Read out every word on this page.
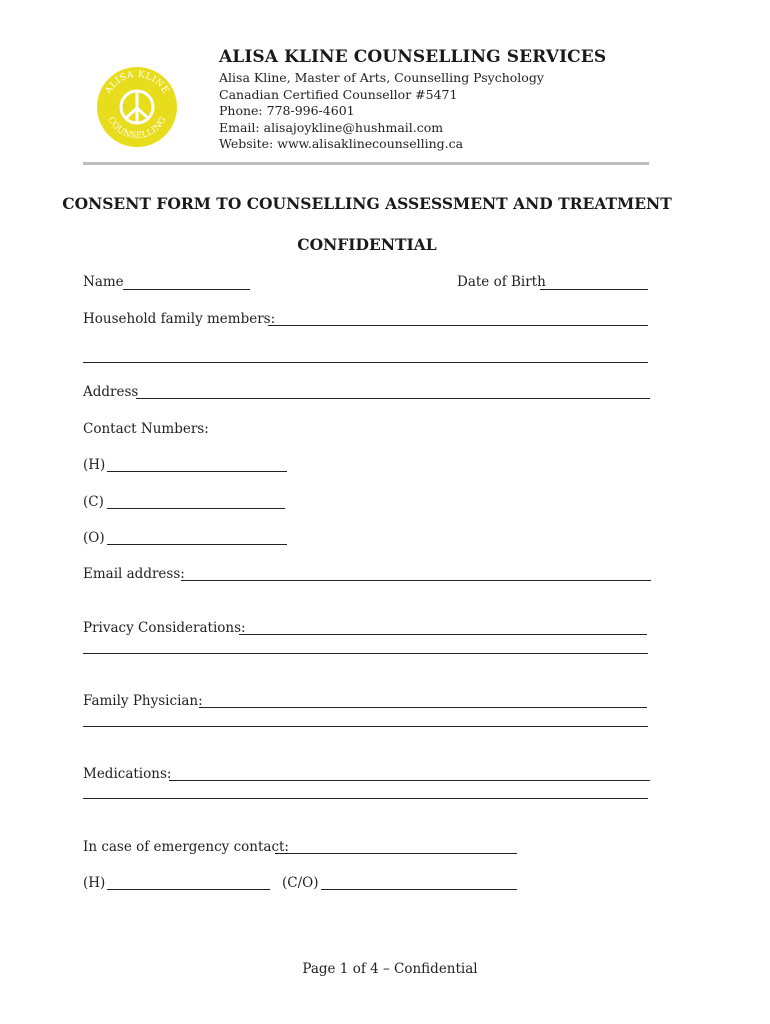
ALISA KLINE
COUNSELLING
ALISA KLINE COUNSELLING SERVICES
Alisa Kline, Master of Arts, Counselling Psychology
Canadian Certified Counsellor #5471
Phone: 778-996-4601
Email: alisajoykline@hushmail.com
Website: www.alisaklinecounselling.ca
CONSENT FORM TO COUNSELLING ASSESSMENT AND TREATMENT
CONFIDENTIAL
Name	Date of Birth
Household family members:
Address
Contact Numbers:
(H)
(C)
(O)
Email address:
Privacy Considerations:
Family Physician:
Medications:
In case of emergency contact:
(H)	(C/O)
Page 1 of 4 – Confidential
